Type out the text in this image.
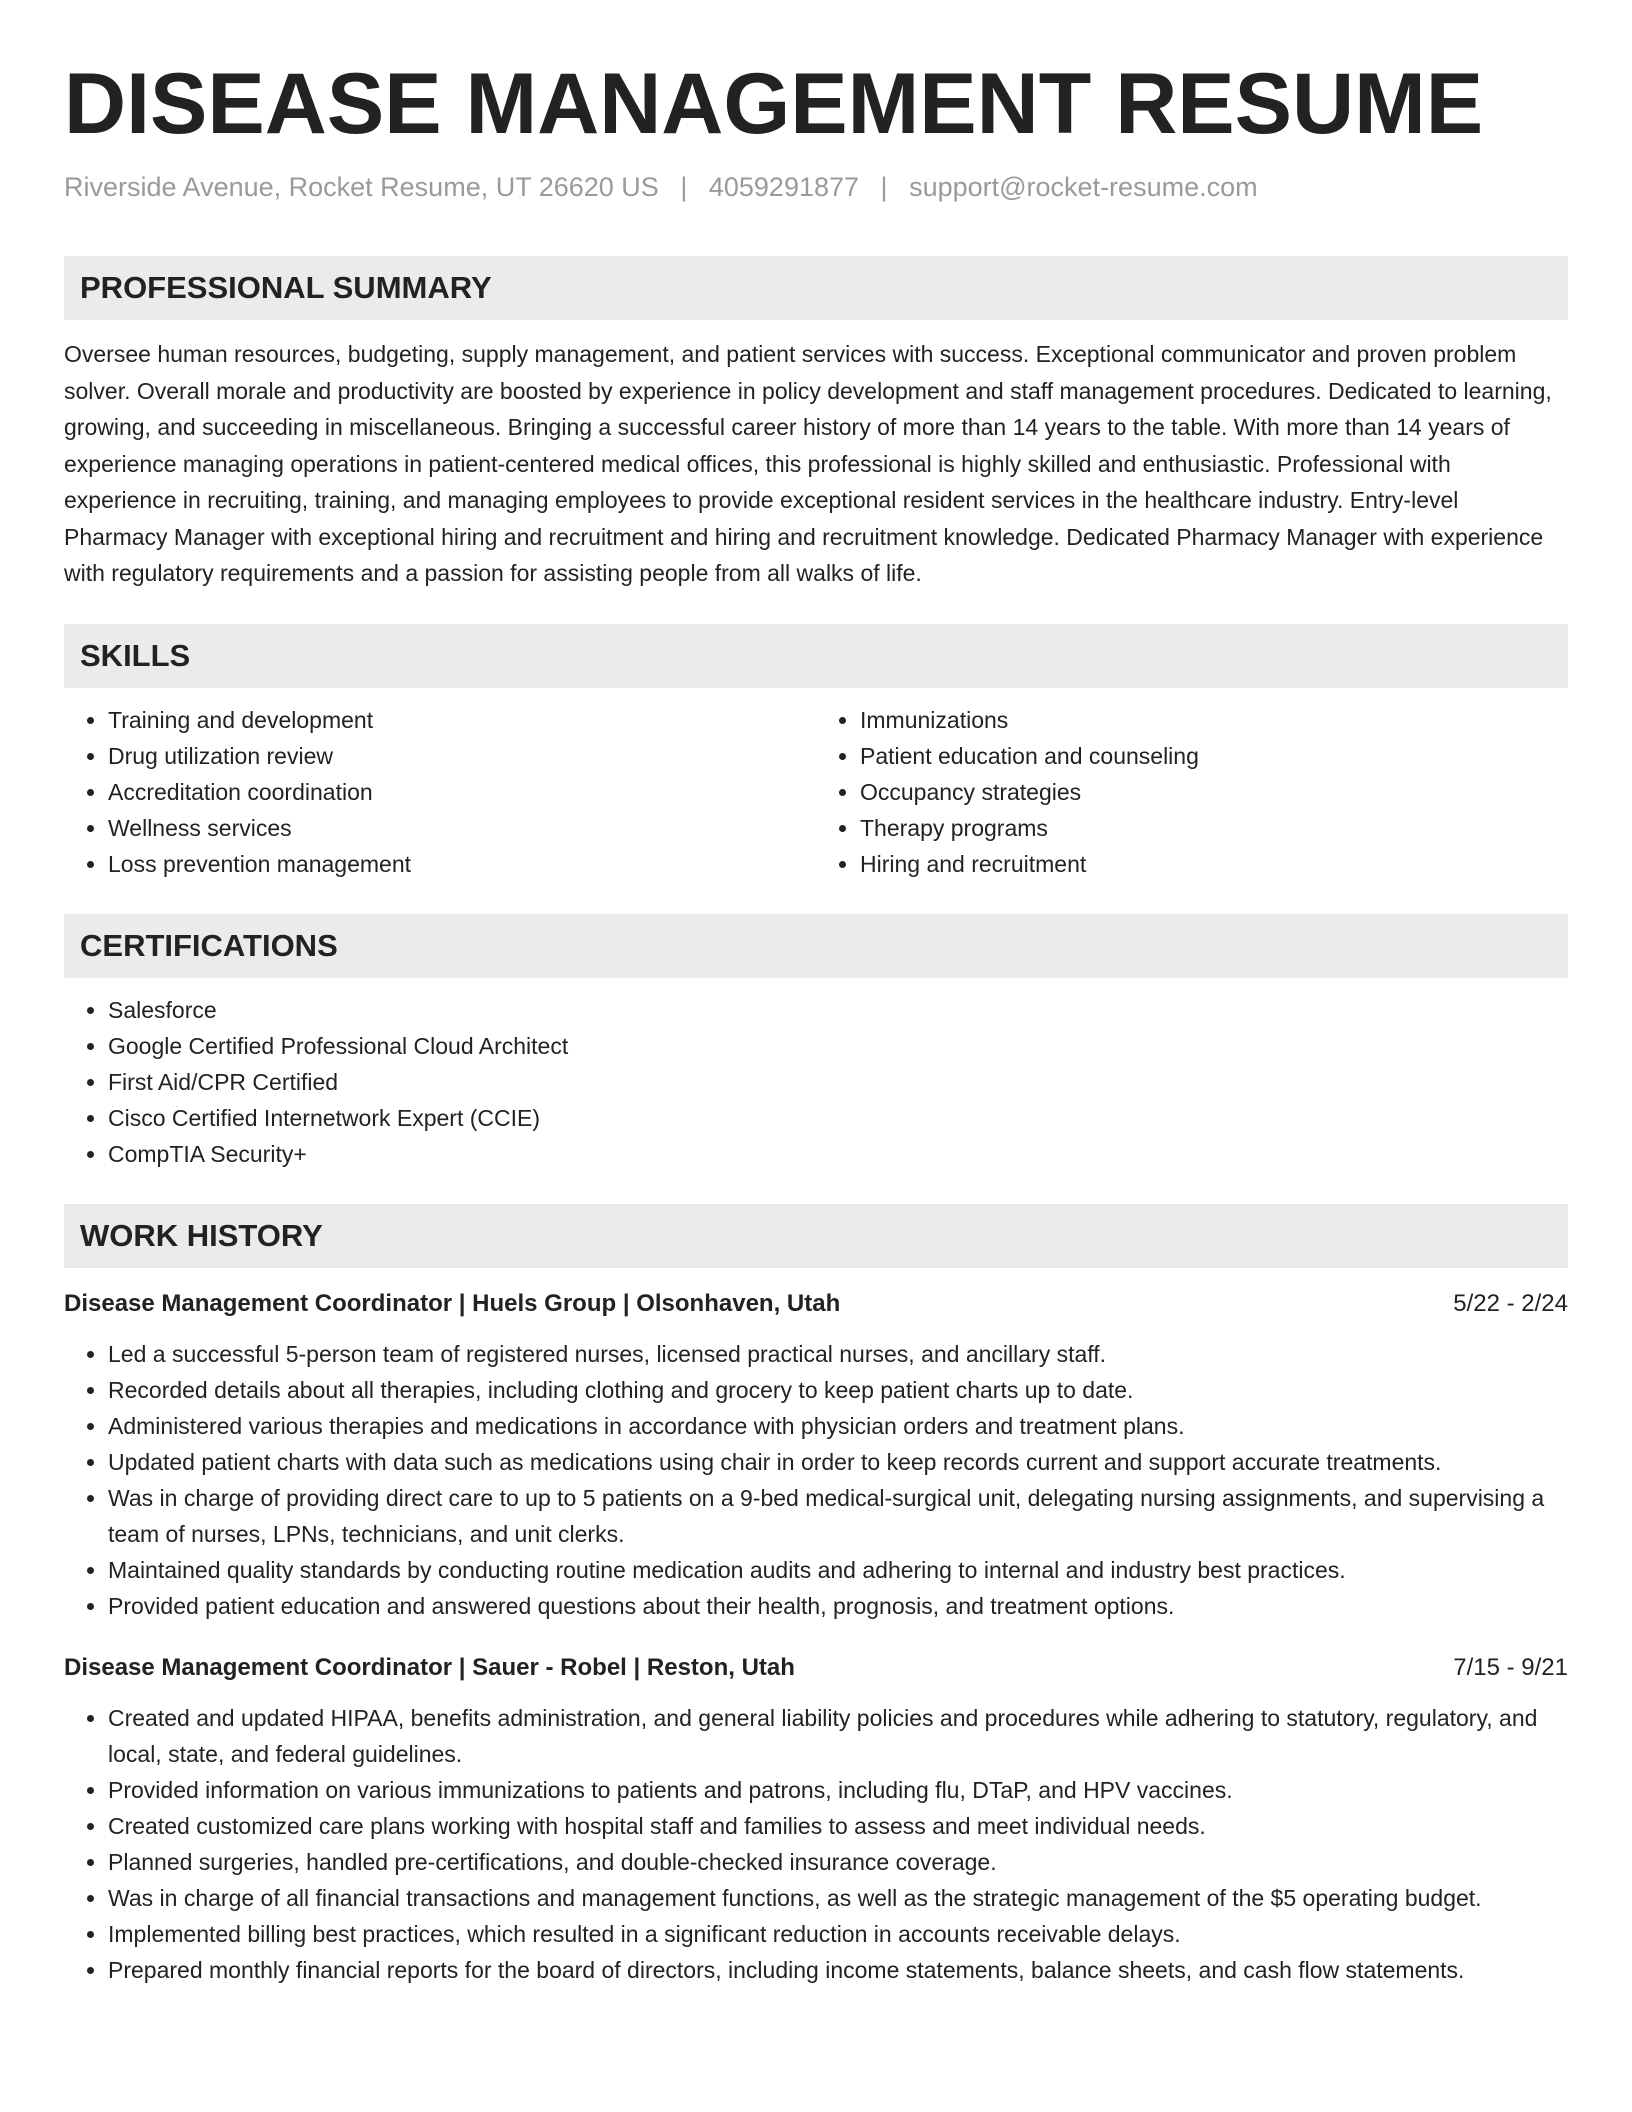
DISEASE MANAGEMENT RESUME
Riverside Avenue, Rocket Resume, UT 26620 US | 4059291877 | support@rocket-resume.com
PROFESSIONAL SUMMARY

Oversee human resources, budgeting, supply management, and patient services with success. Exceptional communicator and proven problem solver. Overall morale and productivity are boosted by experience in policy development and staff management procedures. Dedicated to learning, growing, and succeeding in miscellaneous. Bringing a successful career history of more than 14 years to the table. With more than 14 years of experience managing operations in patient-centered medical offices, this professional is highly skilled and enthusiastic. Professional with experience in recruiting, training, and managing employees to provide exceptional resident services in the healthcare industry. Entry-level Pharmacy Manager with exceptional hiring and recruitment and hiring and recruitment knowledge. Dedicated Pharmacy Manager with experience with regulatory requirements and a passion for assisting people from all walks of life.

SKILLS
• Training and development
• Drug utilization review
• Accreditation coordination
• Wellness services
• Loss prevention management
• Immunizations
• Patient education and counseling
• Occupancy strategies
• Therapy programs
• Hiring and recruitment
CERTIFICATIONS
• Salesforce
• Google Certified Professional Cloud Architect
• First Aid/CPR Certified
• Cisco Certified Internetwork Expert (CCIE)
• CompTIA Security+
WORK HISTORY
Disease Management Coordinator | Huels Group | Olsonhaven, Utah	5/22 - 2/24
• Led a successful 5-person team of registered nurses, licensed practical nurses, and ancillary staff.
• Recorded details about all therapies, including clothing and grocery to keep patient charts up to date.
• Administered various therapies and medications in accordance with physician orders and treatment plans.
• Updated patient charts with data such as medications using chair in order to keep records current and support accurate treatments.
• Was in charge of providing direct care to up to 5 patients on a 9-bed medical-surgical unit, delegating nursing assignments, and supervising a team of nurses, LPNs, technicians, and unit clerks.
• Maintained quality standards by conducting routine medication audits and adhering to internal and industry best practices.
• Provided patient education and answered questions about their health, prognosis, and treatment options.
Disease Management Coordinator | Sauer - Robel | Reston, Utah	7/15 - 9/21
• Created and updated HIPAA, benefits administration, and general liability policies and procedures while adhering to statutory, regulatory, and local, state, and federal guidelines.
• Provided information on various immunizations to patients and patrons, including flu, DTaP, and HPV vaccines.
• Created customized care plans working with hospital staff and families to assess and meet individual needs.
• Planned surgeries, handled pre-certifications, and double-checked insurance coverage.
• Was in charge of all financial transactions and management functions, as well as the strategic management of the $5 operating budget.
• Implemented billing best practices, which resulted in a significant reduction in accounts receivable delays.
• Prepared monthly financial reports for the board of directors, including income statements, balance sheets, and cash flow statements.
